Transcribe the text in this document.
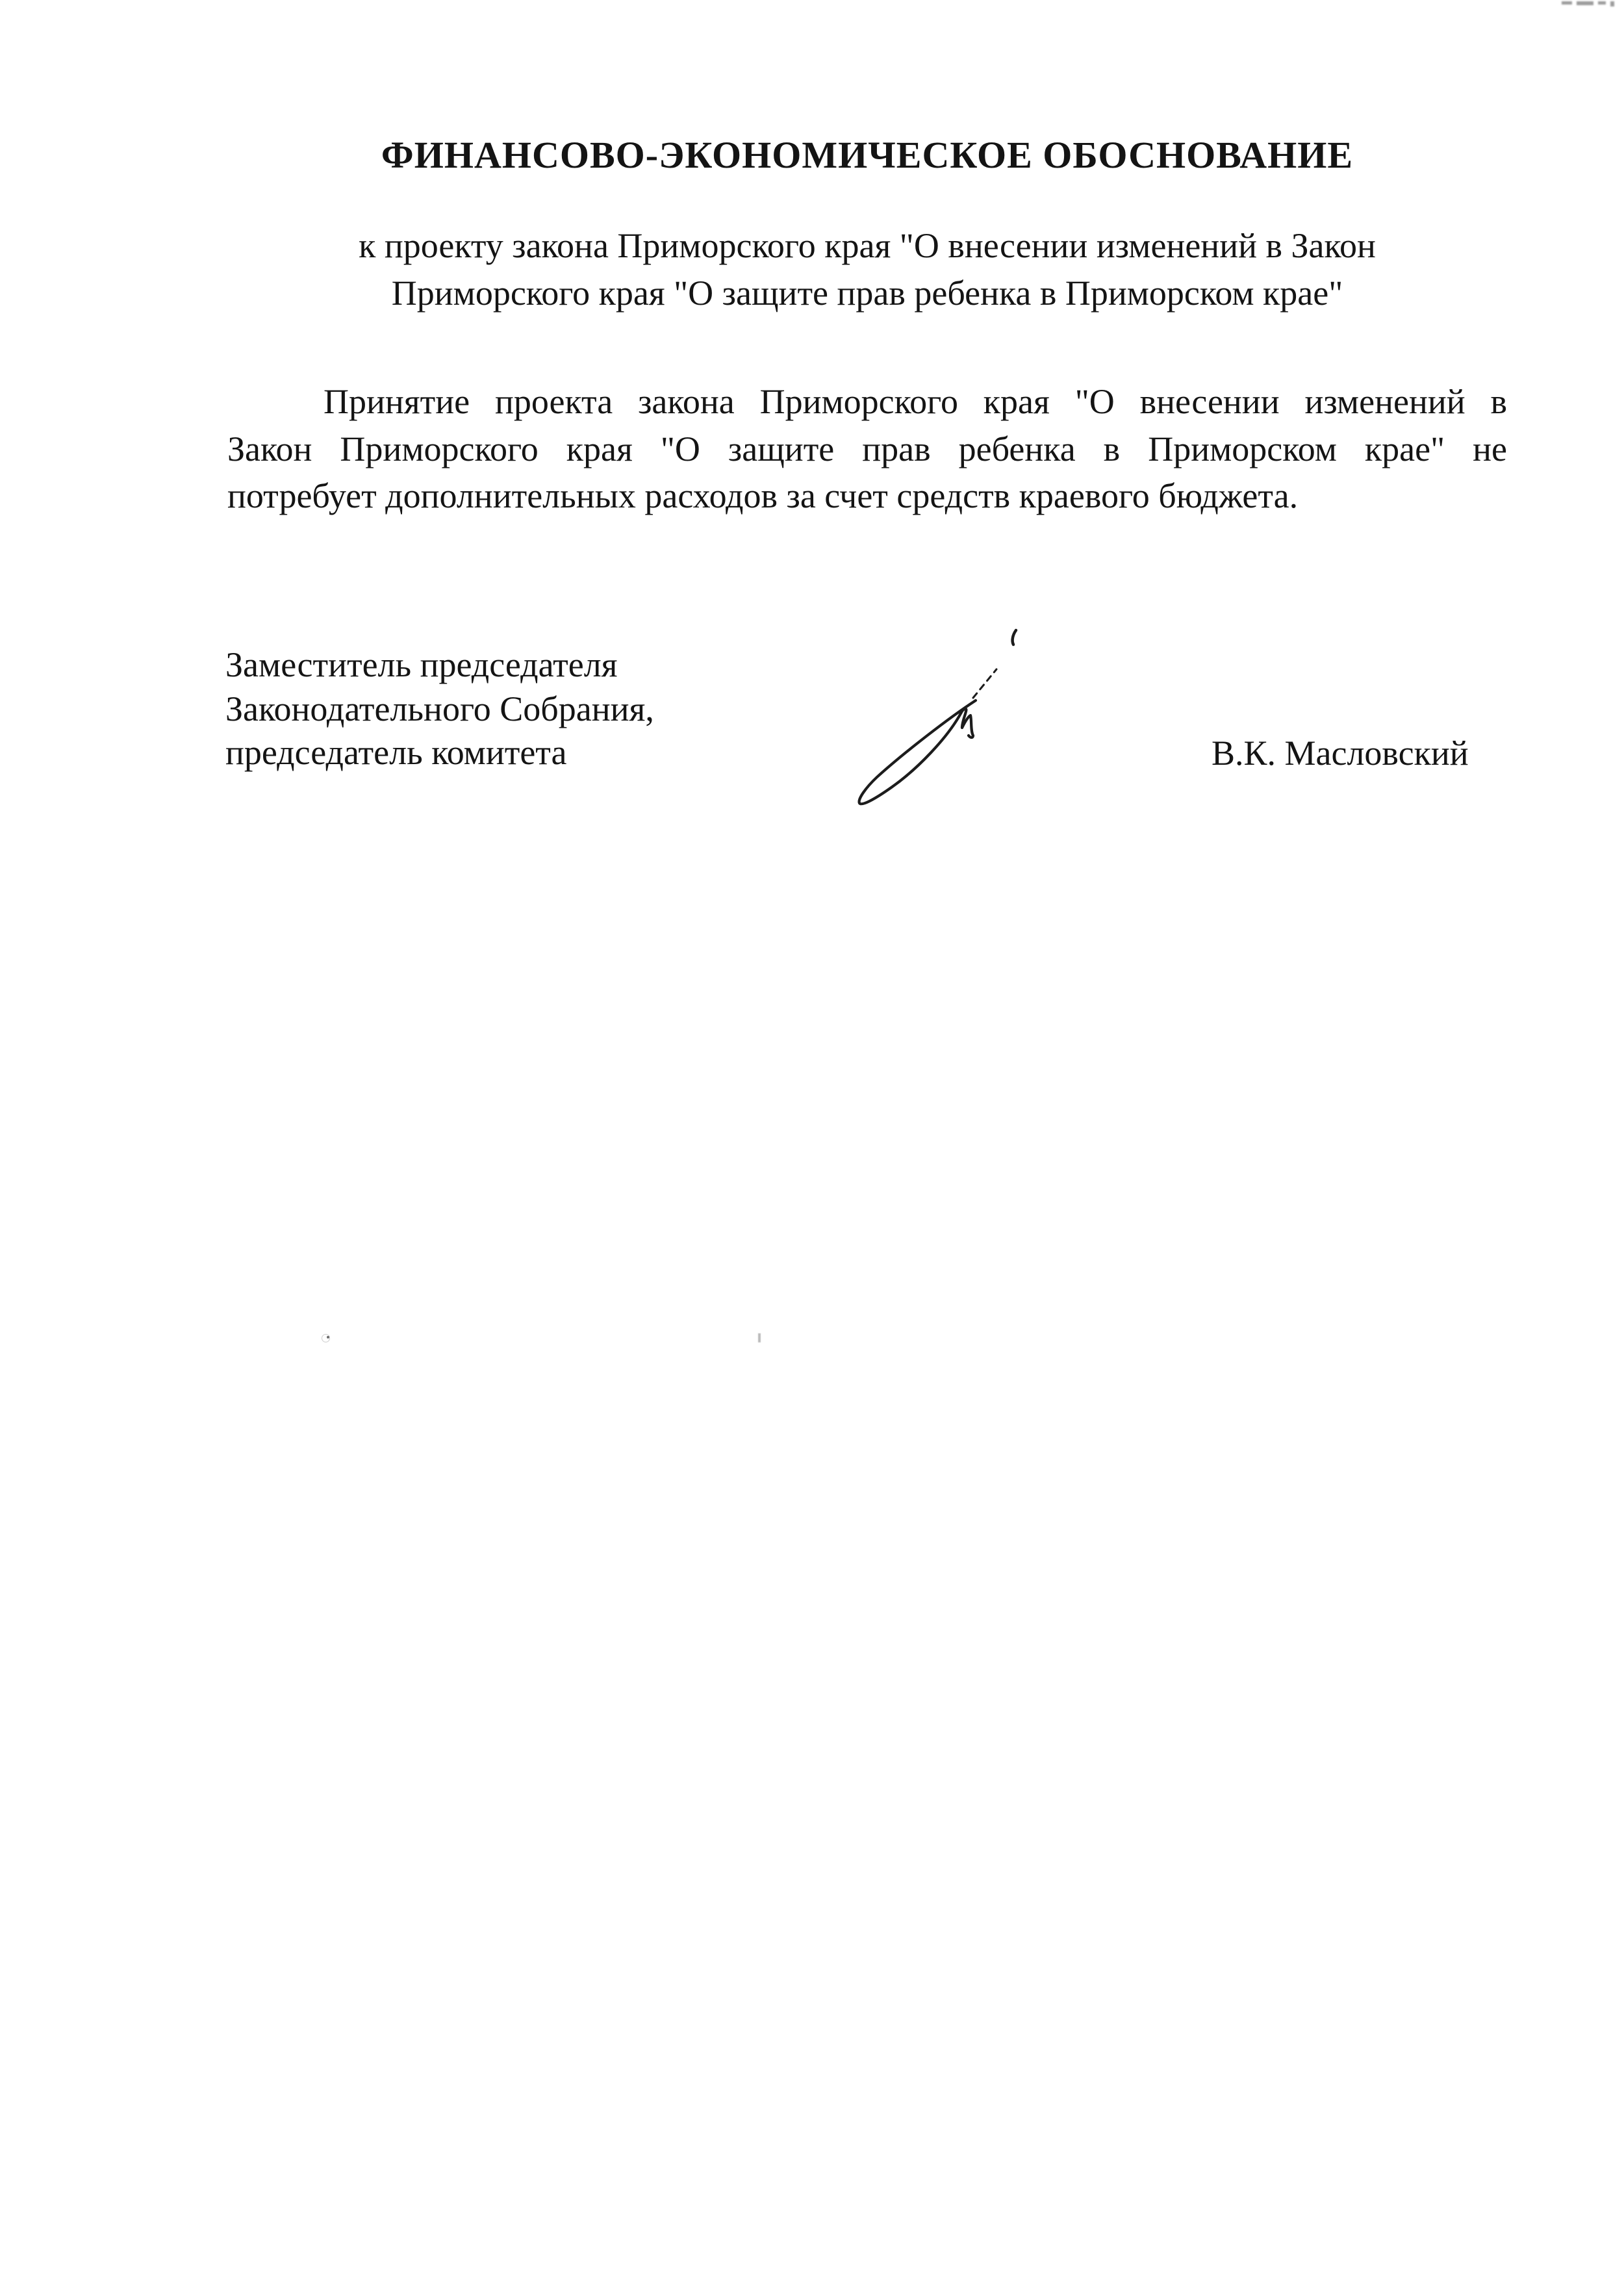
ФИНАНСОВО-ЭКОНОМИЧЕСКОЕ ОБОСНОВАНИЕ
к проекту закона Приморского края "О внесении изменений в Закон
Приморского края "О защите прав ребенка в Приморском крае"
Принятие проекта закона Приморского края "О внесении изменений в
Закон Приморского края "О защите прав ребенка в Приморском крае" не
потребует дополнительных расходов за счет средств краевого бюджета.
Заместитель председателя
Законодательного Собрания,
председатель комитета	В.К. Масловский
